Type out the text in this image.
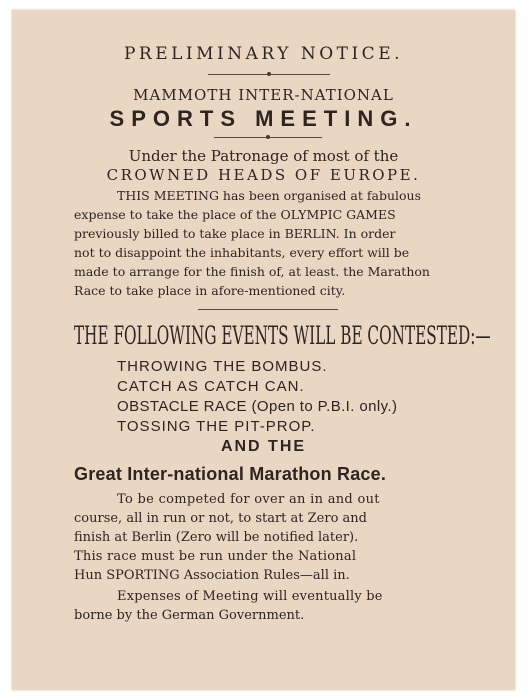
PRELIMINARY NOTICE.
MAMMOTH INTER-NATIONAL
SPORTS MEETING.
Under the Patronage of most of the
CROWNED HEADS OF EUROPE.
THIS MEETING has been organised at fabulous
expense to take the place of the OLYMPIC GAMES
previously billed to take place in BERLIN. In order
not to disappoint the inhabitants, every effort will be
made to arrange for the finish of, at least. the Marathon
Race to take place in afore-mentioned city.
THE FOLLOWING EVENTS WILL BE CONTESTED:—
THROWING THE BOMBUS.
CATCH AS CATCH CAN.
OBSTACLE RACE (Open to P.B.I. only.)
TOSSING THE PIT-PROP.
AND THE
Great Inter-national Marathon Race.
To be competed for over an in and out
course, all in run or not, to start at Zero and
finish at Berlin (Zero will be notified later).
This race must be run under the National
Hun SPORTING Association Rules—all in.
Expenses of Meeting will eventually be
borne by the German Government.
